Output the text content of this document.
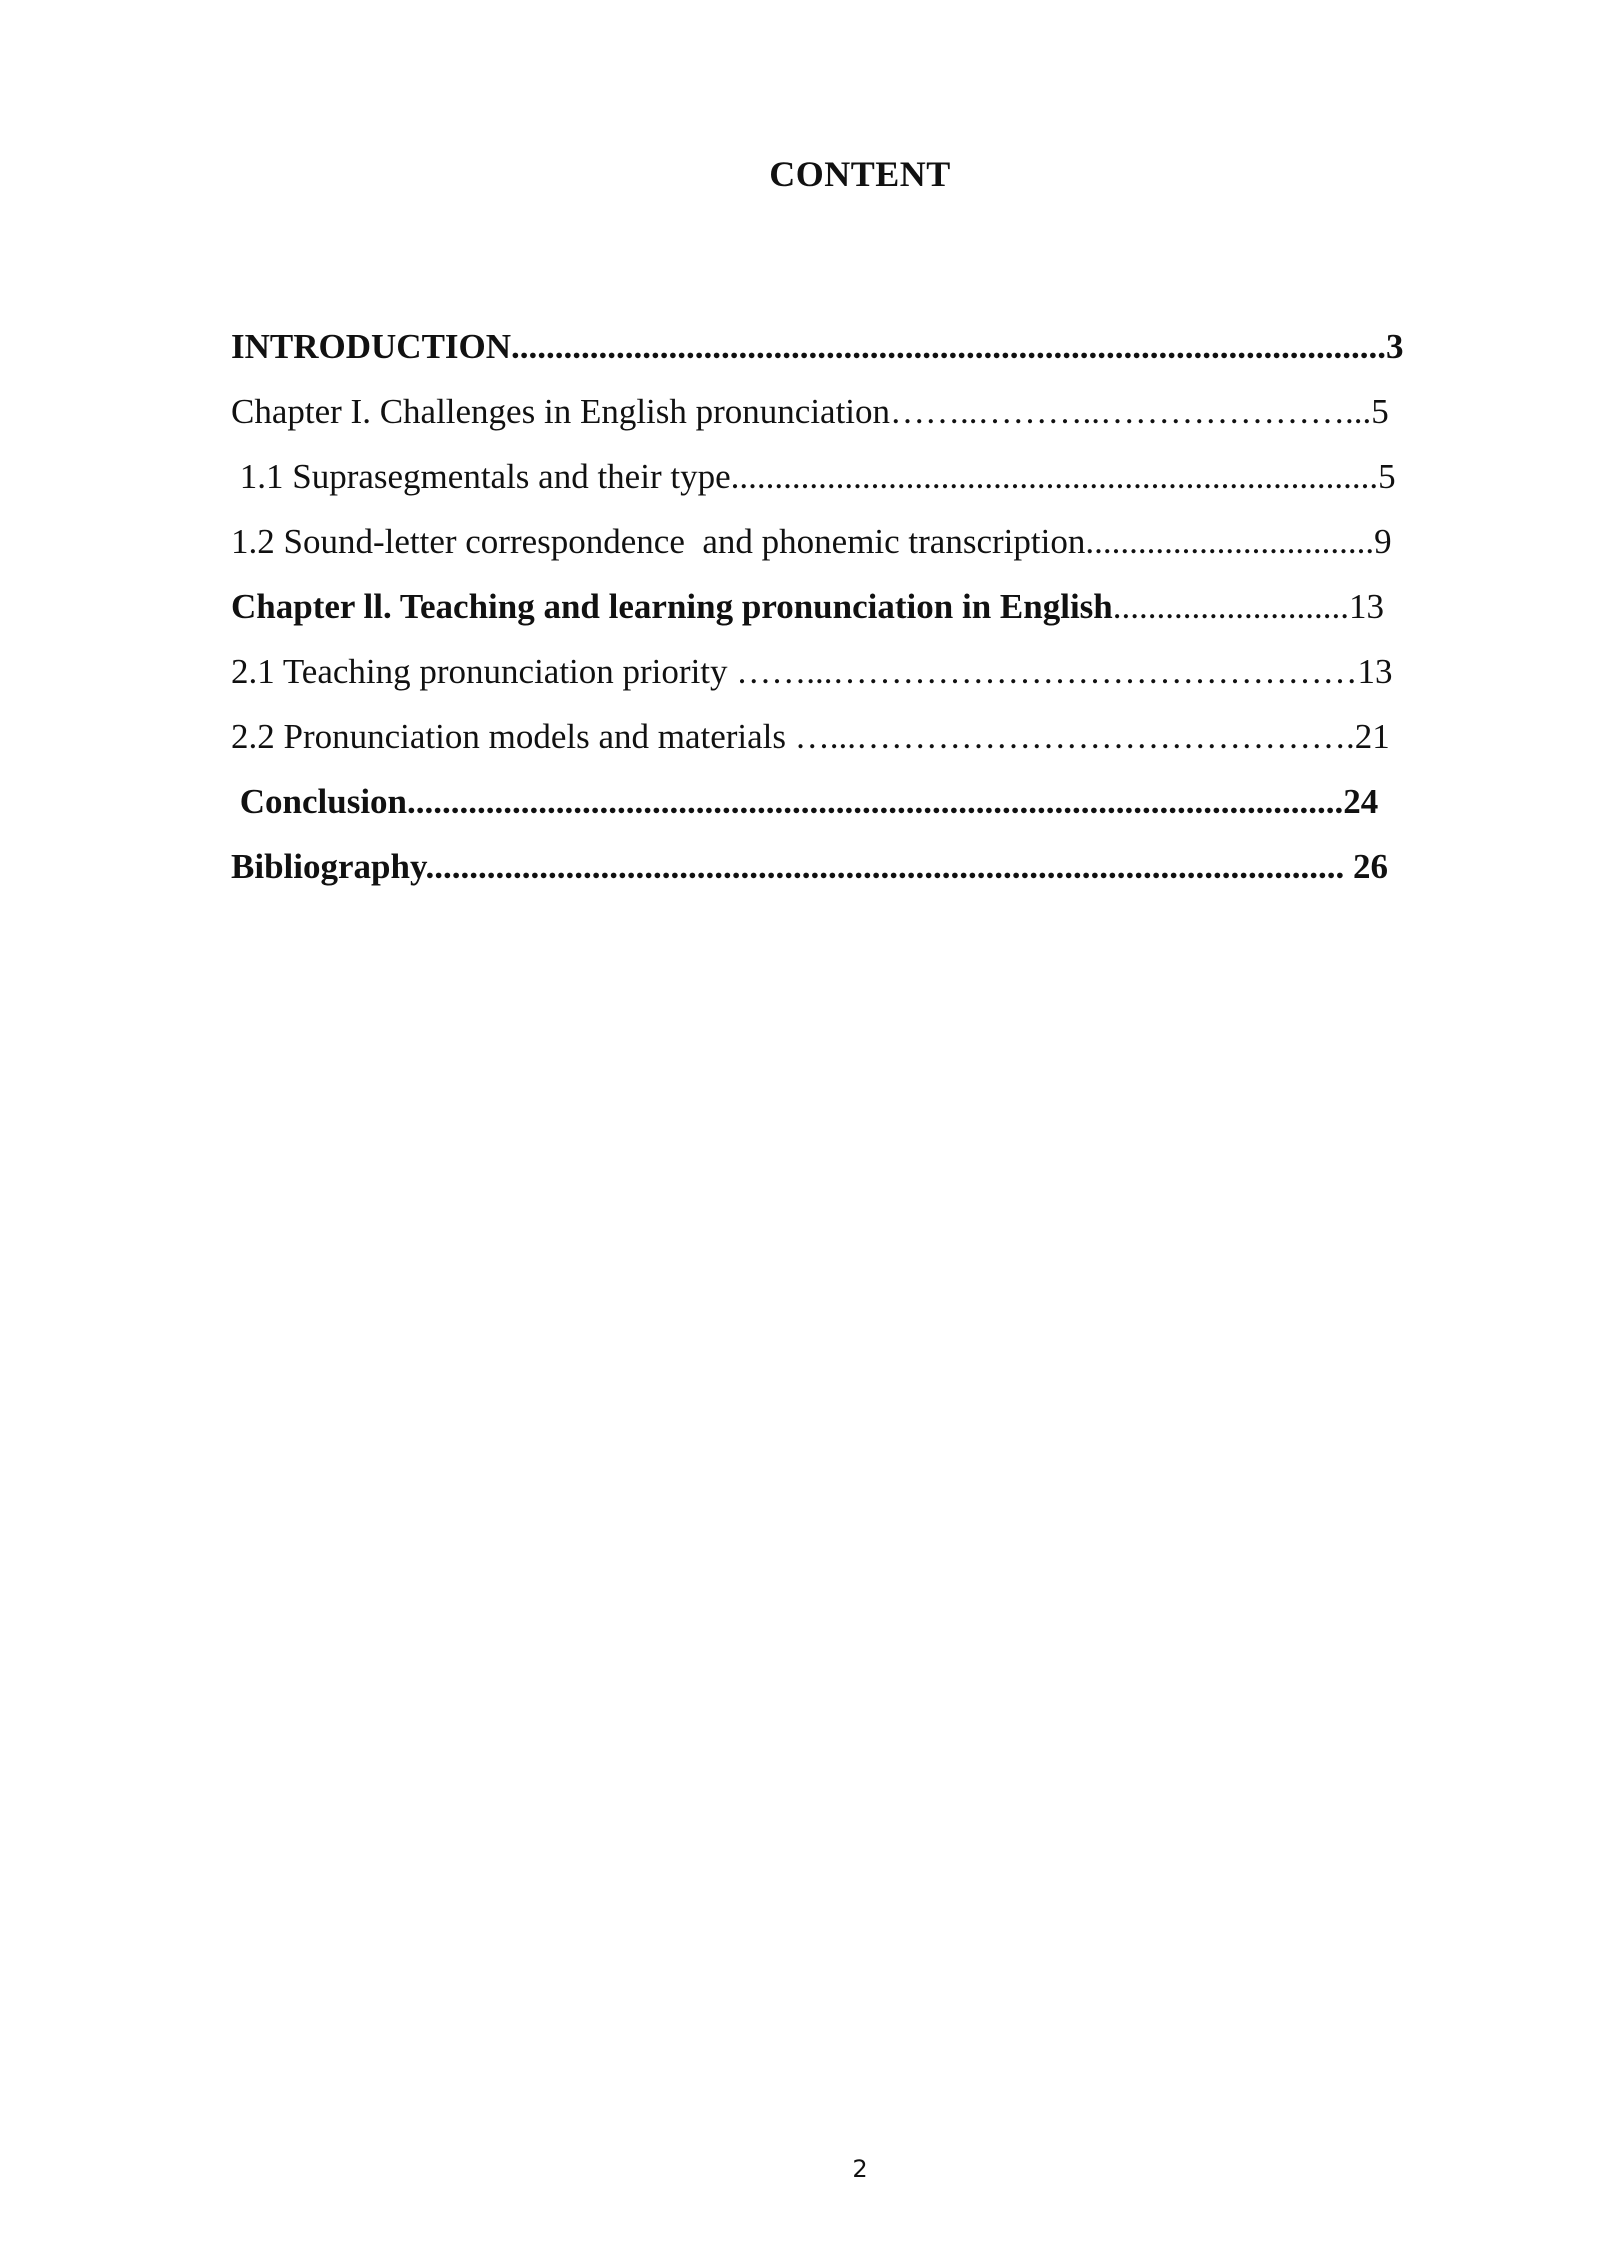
CONTENT
INTRODUCTION....................................................................................................3
Chapter I. Challenges in English pronunciation……..………..…………………...5
1.1 Suprasegmentals and their type..........................................................................5
1.2 Sound-letter correspondence  and phonemic transcription.................................9
Chapter ll. Teaching and learning pronunciation in English...........................13
2.1 Teaching pronunciation priority ……...………………………………………13
2.2 Pronunciation models and materials …...…………………………………….21
Conclusion...........................................................................................................24
Bibliography......................................................................................................... 26
2
